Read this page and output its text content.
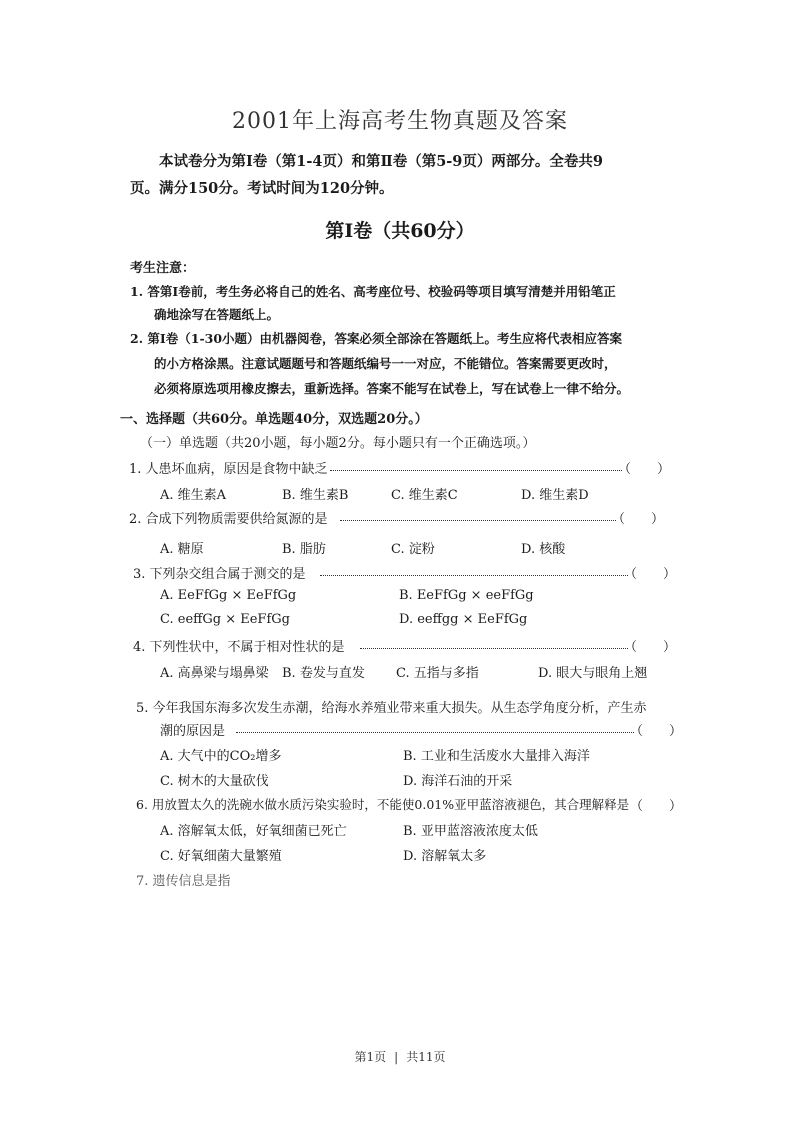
2001年上海高考生物真题及答案
本试卷分为第Ⅰ卷（第1-4页）和第Ⅱ卷（第5-9页）两部分。全卷共9
页。满分150分。考试时间为120分钟。
第Ⅰ卷（共60分）
考生注意：
1. 答第Ⅰ卷前，考生务必将自己的姓名、高考座位号、校验码等项目填写清楚并用铅笔正
确地涂写在答题纸上。
2. 第Ⅰ卷（1-30小题）由机器阅卷，答案必须全部涂在答题纸上。考生应将代表相应答案
的小方格涂黑。注意试题题号和答题纸编号一一对应，不能错位。答案需要更改时，
必须将原选项用橡皮擦去，重新选择。答案不能写在试卷上，写在试卷上一律不给分。
一、选择题（共60分。单选题40分，双选题20分。）
（一）单选题（共20小题，每小题2分。每小题只有一个正确选项。）
1. 人患坏血病，原因是食物中缺乏	（　　）
A. 维生素A	B. 维生素B	C. 维生素C	D. 维生素D
2. 合成下列物质需要供给氮源的是	（　　）
A. 糖原	B. 脂肪	C. 淀粉	D. 核酸
3. 下列杂交组合属于测交的是	（　　）
A. EeFfGg × EeFfGg	B. EeFfGg × eeFfGg
C. eeffGg × EeFfGg	D. eeffgg × EeFfGg
4. 下列性状中，不属于相对性状的是	（　　）
A. 高鼻梁与塌鼻梁 B. 卷发与直发 C. 五指与多指	D. 眼大与眼角上翘
5. 今年我国东海多次发生赤潮，给海水养殖业带来重大损失。从生态学角度分析，产生赤
潮的原因是	（　　）
A. 大气中的CO₂增多	B. 工业和生活废水大量排入海洋
C. 树木的大量砍伐	D. 海洋石油的开采
6. 用放置太久的洗碗水做水质污染实验时，不能使0.01%亚甲蓝溶液褪色，其合理解释是 （　　）
A. 溶解氧太低，好氧细菌已死亡	B. 亚甲蓝溶液浓度太低
C. 好氧细菌大量繁殖	D. 溶解氧太多
7. 遗传信息是指
第1页 | 共11页
